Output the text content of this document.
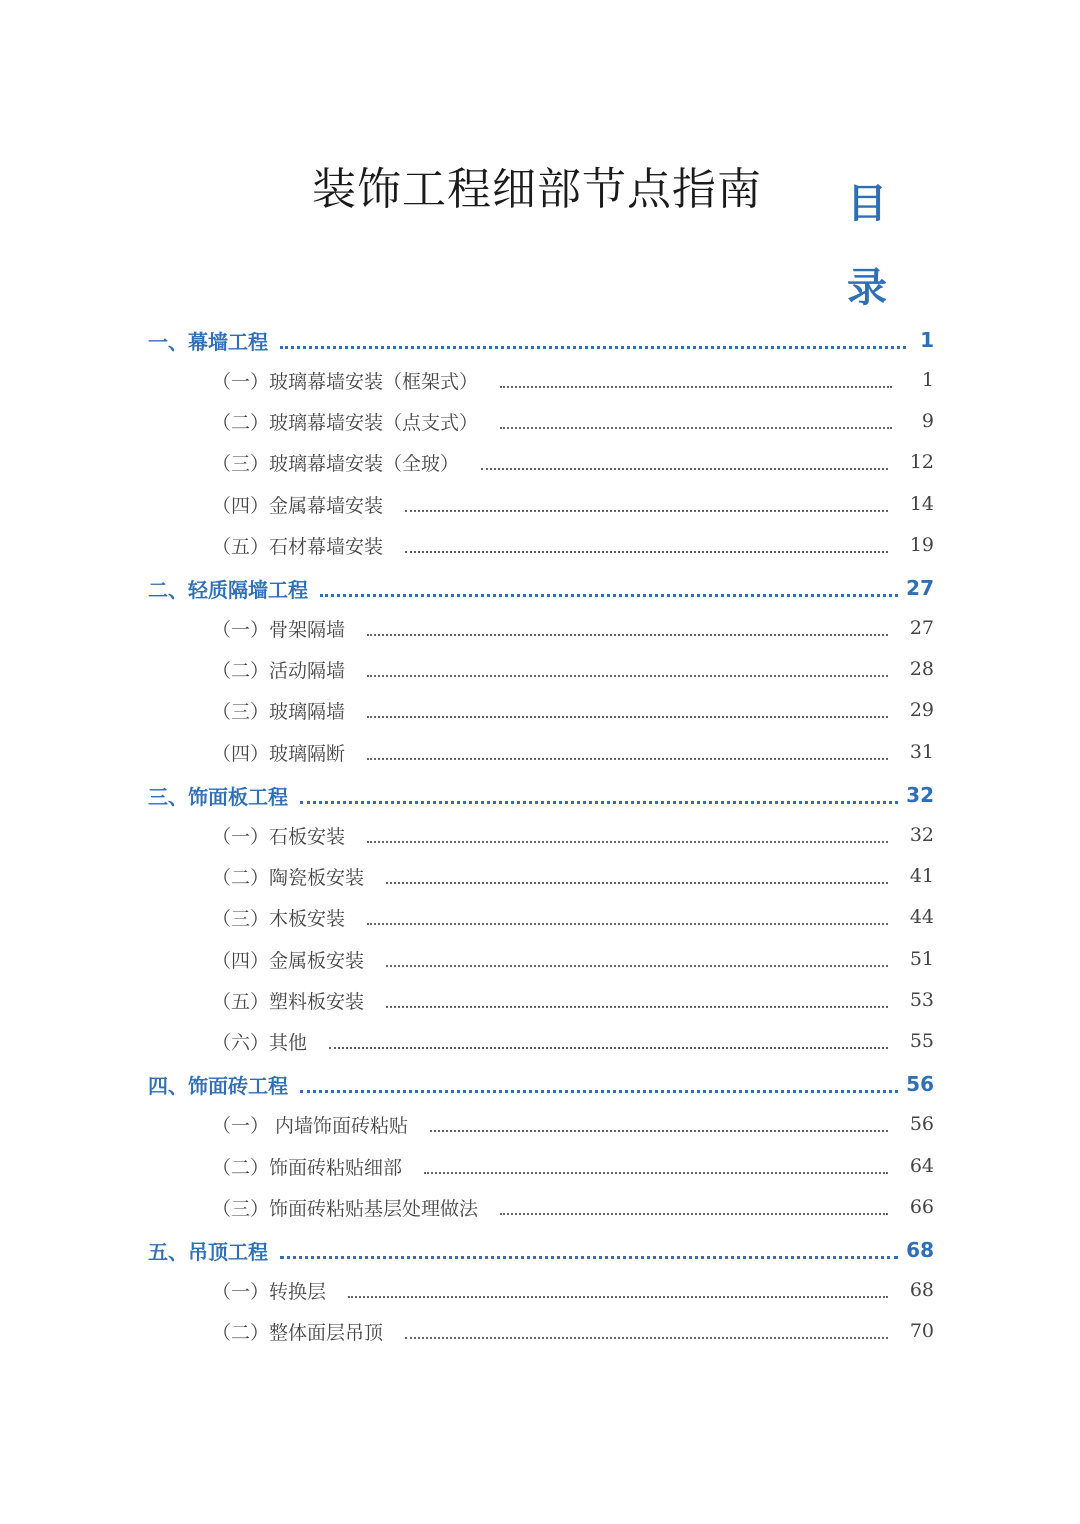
装饰工程细部节点指南 目录
一、幕墙工程	1
（一）玻璃幕墙安装（框架式）	1
（二）玻璃幕墙安装（点支式）	9
（三）玻璃幕墙安装（全玻）	12
（四）金属幕墙安装	14
（五）石材幕墙安装	19
二、轻质隔墙工程	27
（一）骨架隔墙	27
（二）活动隔墙	28
（三）玻璃隔墙	29
（四）玻璃隔断	31
三、饰面板工程	32
（一）石板安装	32
（二）陶瓷板安装	41
（三）木板安装	44
（四）金属板安装	51
（五）塑料板安装	53
（六）其他	55
四、饰面砖工程	56
（一） 内墙饰面砖粘贴	56
（二）饰面砖粘贴细部	64
（三）饰面砖粘贴基层处理做法	66
五、吊顶工程	68
（一）转换层	68
（二）整体面层吊顶	70
